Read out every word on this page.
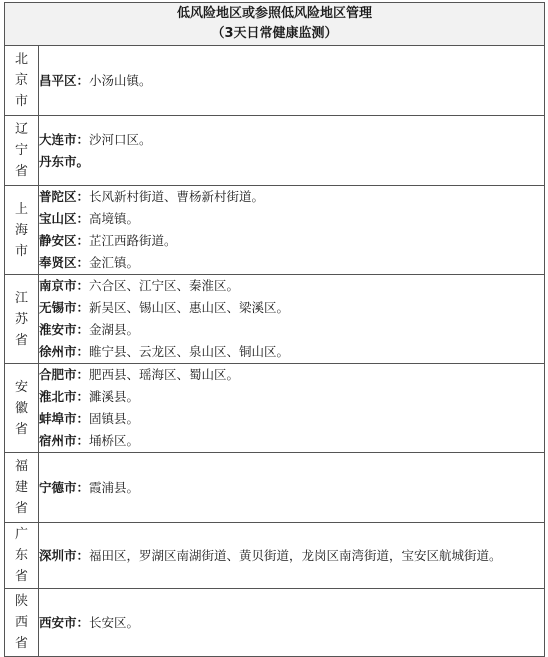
低风险地区或参照低风险地区管理
（3天日常健康监测）	

北
京
市	昌平区：小汤山镇。

辽
宁
省	大连市：沙河口区。
丹东市。

上
海
市	普陀区：长风新村街道、曹杨新村街道。
宝山区：高境镇。
静安区：芷江西路街道。
奉贤区：金汇镇。

江
苏
省	南京市：六合区、江宁区、秦淮区。
无锡市：新吴区、锡山区、惠山区、梁溪区。
淮安市：金湖县。
徐州市：睢宁县、云龙区、泉山区、铜山区。

安
徽
省	合肥市：肥西县、瑶海区、蜀山区。
淮北市：濉溪县。
蚌埠市：固镇县。
宿州市：埇桥区。

福
建
省	宁德市：霞浦县。

广
东
省	深圳市：福田区，罗湖区南湖街道、黄贝街道，龙岗区南湾街道，宝安区航城街道。

陕
西
省	西安市：长安区。
